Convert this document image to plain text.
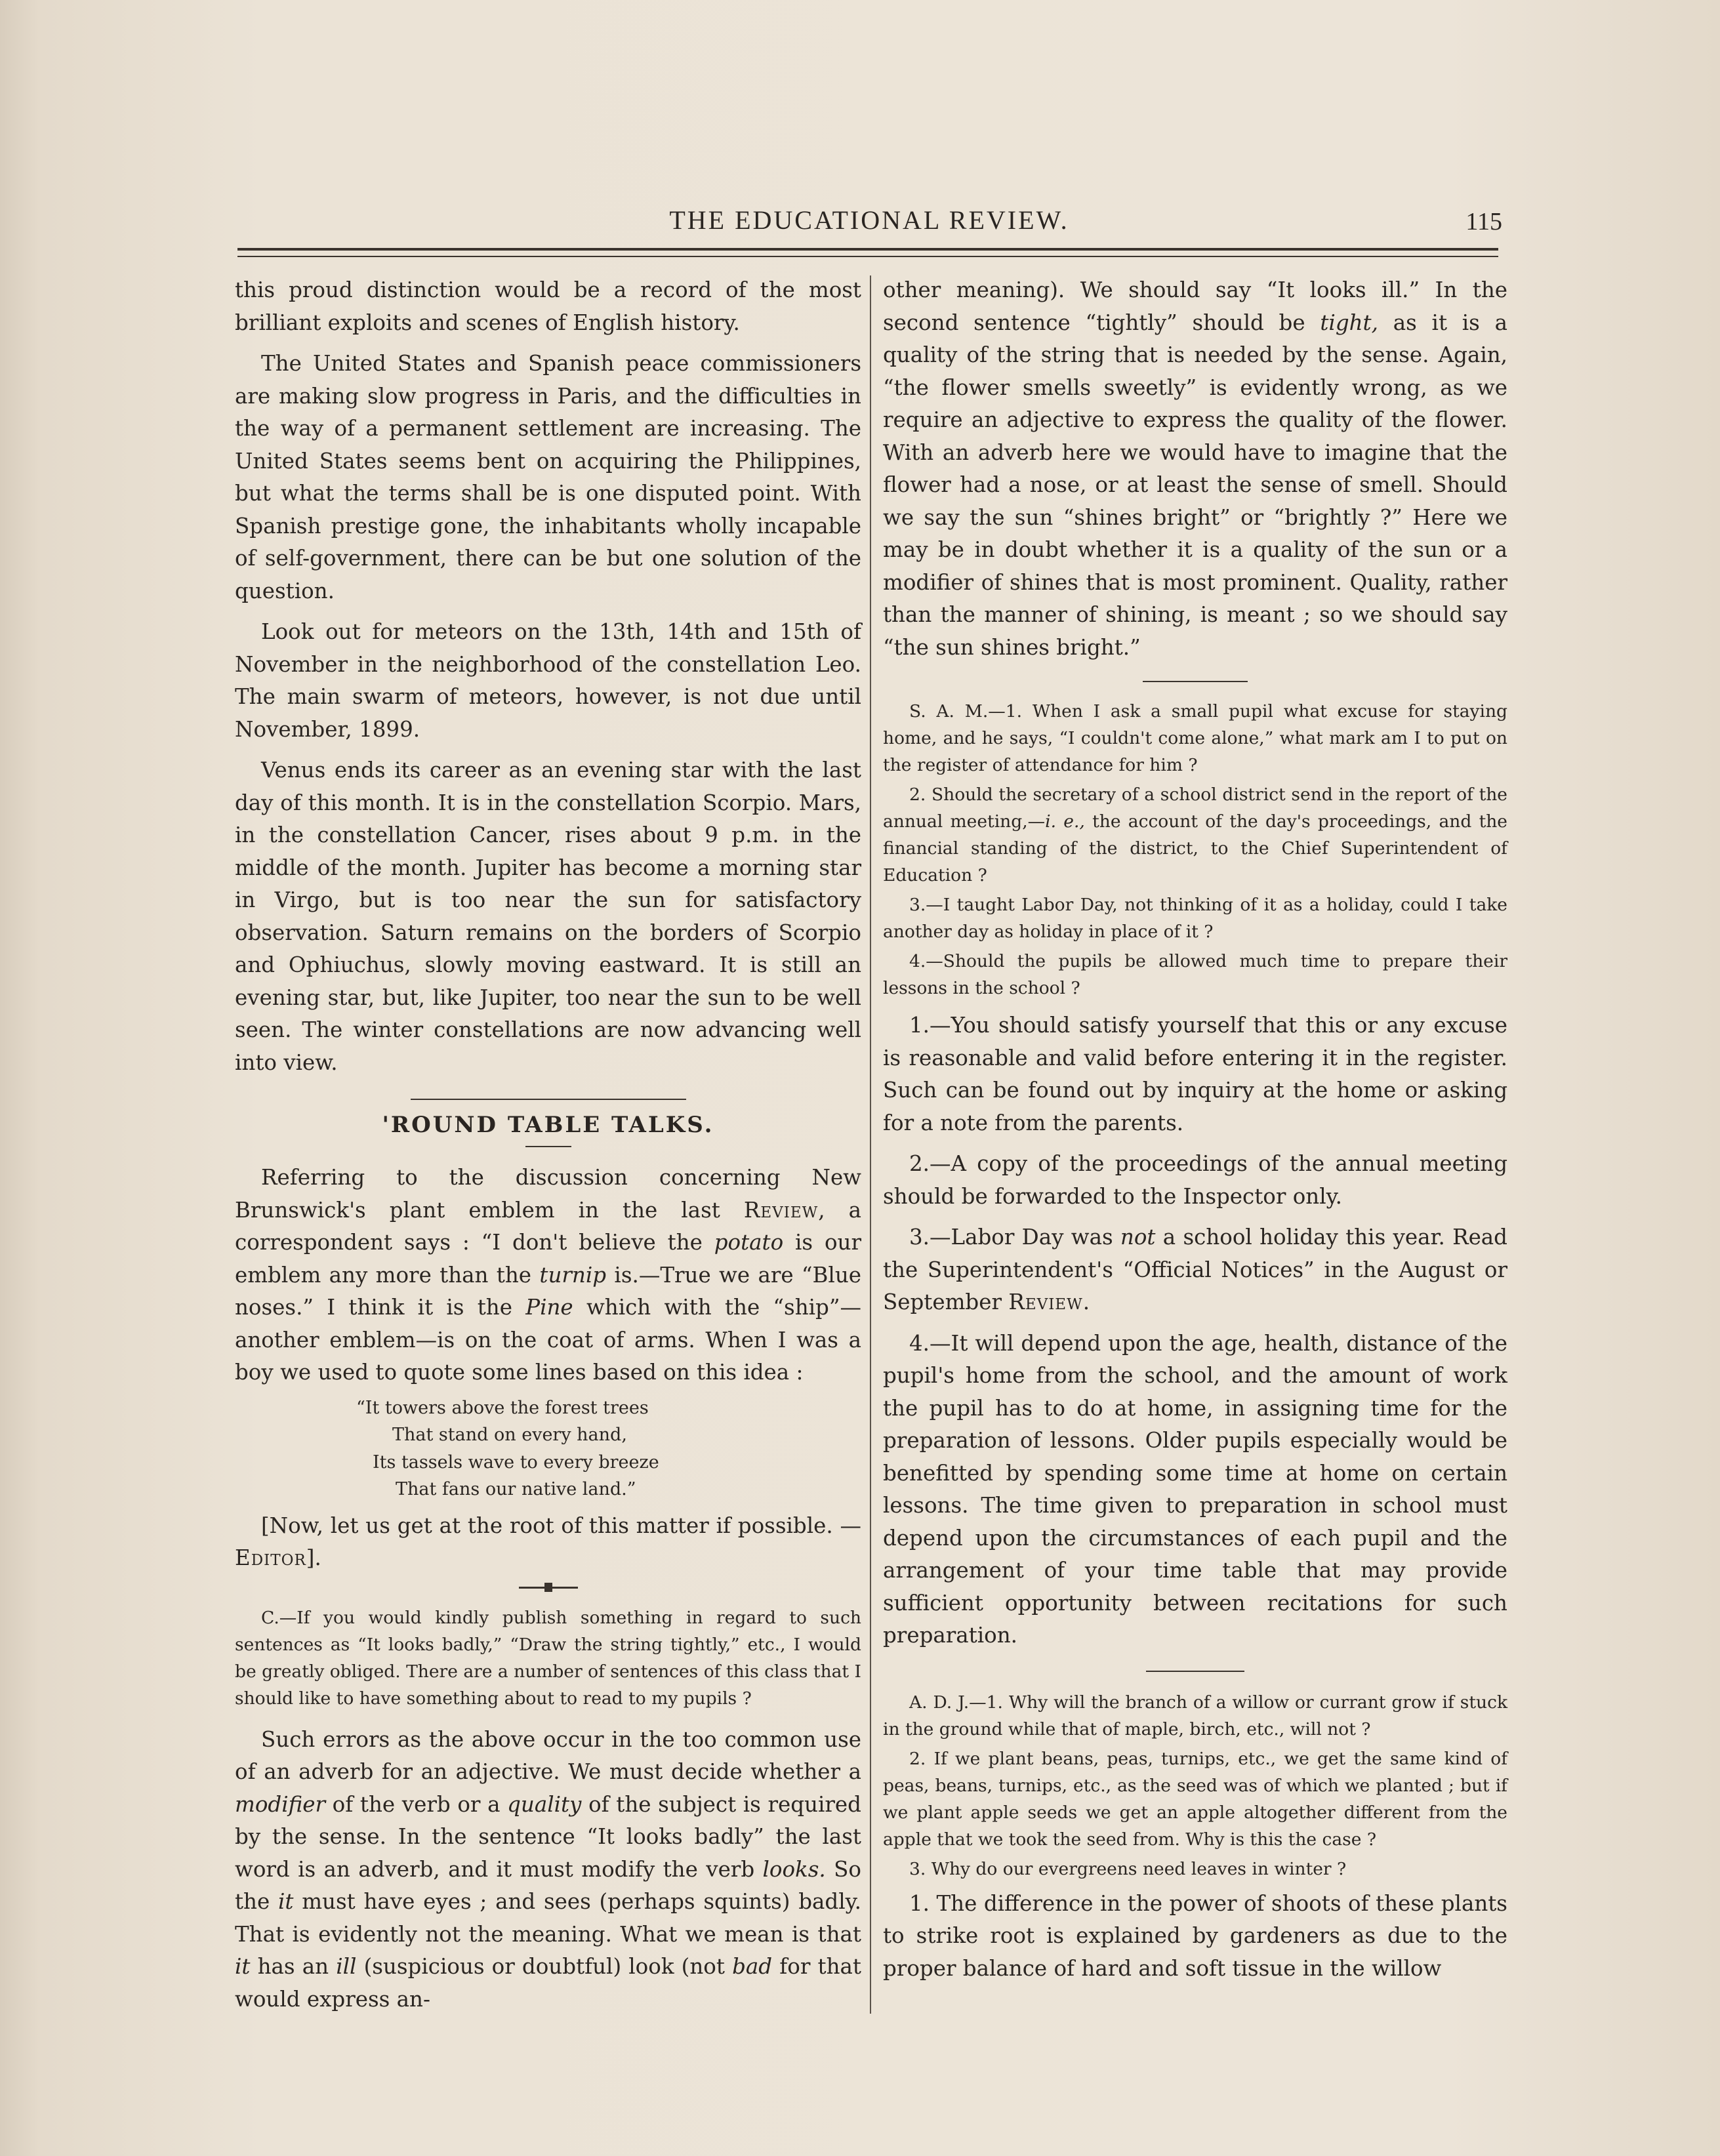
THE EDUCATIONAL REVIEW.	115

this proud distinction would be a record of the most brilliant exploits and scenes of English history.

The United States and Spanish peace commissioners are making slow progress in Paris, and the difficulties in the way of a permanent settlement are increasing. The United States seems bent on acquiring the Philippines, but what the terms shall be is one disputed point. With Spanish prestige gone, the inhabitants wholly incapable of self-government, there can be but one solution of the question.

Look out for meteors on the 13th, 14th and 15th of November in the neighborhood of the constellation Leo. The main swarm of meteors, however, is not due until November, 1899.

Venus ends its career as an evening star with the last day of this month. It is in the constellation Scorpio. Mars, in the constellation Cancer, rises about 9 p.m. in the middle of the month. Jupiter has become a morning star in Virgo, but is too near the sun for satisfactory observation. Saturn remains on the borders of Scorpio and Ophiuchus, slowly moving eastward. It is still an evening star, but, like Jupiter, too near the sun to be well seen. The winter constellations are now advancing well into view.

'ROUND TABLE TALKS.

Referring to the discussion concerning New Brunswick's plant emblem in the last Review, a correspondent says : “I don't believe the potato is our emblem any more than the turnip is.—True we are “Blue noses.” I think it is the Pine which with the “ship”—another emblem—is on the coat of arms. When I was a boy we used to quote some lines based on this idea :

“It towers above the forest trees
That stand on every hand,
Its tassels wave to every breeze
That fans our native land.”

[Now, let us get at the root of this matter if possible. —Editor].

C.—If you would kindly publish something in regard to such sentences as “It looks badly,” “Draw the string tightly,” etc., I would be greatly obliged. There are a number of sentences of this class that I should like to have something about to read to my pupils ?

Such errors as the above occur in the too common use of an adverb for an adjective. We must decide whether a modifier of the verb or a quality of the subject is required by the sense. In the sentence “It looks badly” the last word is an adverb, and it must modify the verb looks. So the it must have eyes ; and sees (perhaps squints) badly. That is evidently not the meaning. What we mean is that it has an ill (suspicious or doubtful) look (not bad for that would express an-

other meaning). We should say “It looks ill.” In the second sentence “tightly” should be tight, as it is a quality of the string that is needed by the sense. Again, “the flower smells sweetly” is evidently wrong, as we require an adjective to express the quality of the flower. With an adverb here we would have to imagine that the flower had a nose, or at least the sense of smell. Should we say the sun “shines bright” or “brightly ?” Here we may be in doubt whether it is a quality of the sun or a modifier of shines that is most prominent. Quality, rather than the manner of shining, is meant ; so we should say “the sun shines bright.”

S. A. M.—1. When I ask a small pupil what excuse for staying home, and he says, “I couldn't come alone,” what mark am I to put on the register of attendance for him ?

2. Should the secretary of a school district send in the report of the annual meeting,—i. e., the account of the day's proceedings, and the financial standing of the district, to the Chief Superintendent of Education ?

3.—I taught Labor Day, not thinking of it as a holiday, could I take another day as holiday in place of it ?

4.—Should the pupils be allowed much time to prepare their lessons in the school ?

1.—You should satisfy yourself that this or any excuse is reasonable and valid before entering it in the register. Such can be found out by inquiry at the home or asking for a note from the parents.

2.—A copy of the proceedings of the annual meeting should be forwarded to the Inspector only.

3.—Labor Day was not a school holiday this year. Read the Superintendent's “Official Notices” in the August or September Review.

4.—It will depend upon the age, health, distance of the pupil's home from the school, and the amount of work the pupil has to do at home, in assigning time for the preparation of lessons. Older pupils especially would be benefitted by spending some time at home on certain lessons. The time given to preparation in school must depend upon the circumstances of each pupil and the arrangement of your time table that may provide sufficient opportunity between recitations for such preparation.

A. D. J.—1. Why will the branch of a willow or currant grow if stuck in the ground while that of maple, birch, etc., will not ?

2. If we plant beans, peas, turnips, etc., we get the same kind of peas, beans, turnips, etc., as the seed was of which we planted ; but if we plant apple seeds we get an apple altogether different from the apple that we took the seed from. Why is this the case ?

3. Why do our evergreens need leaves in winter ?

1. The difference in the power of shoots of these plants to strike root is explained by gardeners as due to the proper balance of hard and soft tissue in the willow
